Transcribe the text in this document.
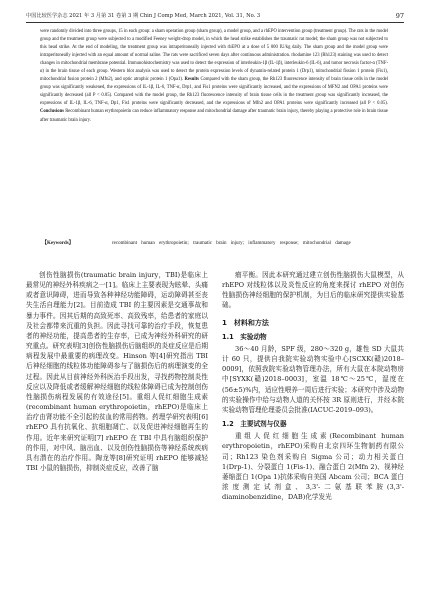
中国比较医学杂志 2021 年 3 月第 31 卷第 3 期 Chin J Comp Med, March 2021, Vol. 31, No. 3	97
were randomly divided into three groups, 15 in each group: a sham operation group (sham group), a model group, and a rhEPO intervention group (treatment group). The rats in the model group and the treatment group were subjected to a modified Feeney weight-drop model, in which the head strike establishes the traumatic rat model; the sham group was not subjected to this head strike. At the end of modeling, the treatment group was intraperitoneally injected with rhEPO at a dose of 5 000 IU/kg daily. The sham group and the model group were intraperitoneally injected with an equal amount of normal saline. The rats were sacrificed seven days after continuous administration. rhodamine 123 (Rh123) staining was used to detect changes in mitochondrial membrane potential. Immunohistochemistry was used to detect the expression of interleukin-1β (IL-1β), interleukin-6 (IL-6), and tumor necrosis factor-α (TNF-α) in the brain tissue of each group. Western blot analysis was used to detect the protein expression levels of dynamin-related protein 1 (Drp1), mitochondrial fission 1 protein (Fis1), mitochondrial fusion protein 2 (Mfn2), and optic atrophic protein 1 (Opa1). Results Compared with the sham group, the Rh123 fluorescence intensity of brain tissue cells in the model group was significantly weakened, the expressions of IL-1β, IL-6, TNF-α, Drp1, and Fis1 proteins were significantly increased, and the expressions of MFN2 and OPA1 proteins were significantly decreased (all P < 0.05). Compared with the model group, the Rh123 fluorescence intensity of brain tissue cells in the treatment group was significantly increased, the expressions of IL-1β, IL-6, TNF-α, Dp1, Fis1 proteins were significantly decreased, and the expressions of Mfn2 and OPA1 proteins were significantly increased (all P < 0.05). Conclusions Recombinant human erythropoietin can reduce inflammatory response and mitochondrial damage after traumatic brain injury, thereby playing a protective role in brain tissue after traumatic brain injury.
【Keywords】	recombinant human erythropoietin; traumatic brain injury; inflammatory response; mitochondrial damage

创伤性脑损伤(traumatic brain injury，TBI)是临床上最常见的神经外科疾病之一[1]。临床上主要表现为眩晕、头痛或者意识障碍，进而导致各种神经功能障碍，运动障碍甚至丧失生活自理能力[2]。目前造成 TBI 的主要因素是交通事故和暴力事件。因其后期的高致死率、高致残率，给患者的家庭以及社会都带来沉重的负担。因此寻找可靠的治疗手段，恢复患者的神经功能，提高患者的生存率，已成为神经外科研究的研究重点。研究表明[3]创伤性脑损伤后脑组织的炎症反应是后期病程发展中最重要的病理改变。Hinson 等[4]研究指出 TBI 后神经细胞的线粒体功能障碍参与了脑损伤后的病理演变的全过程。因此从目前神经外科医治手段出发，寻找药物控制炎性反应以及降低或者缓解神经细胞的线粒体障碍已成为控制创伤性脑损伤病程发展的有效途径[5]。重组人促红细胞生成素(recombinant human erythropoietin，rhEPO)是临床上治疗由肾功能不全引起的贫血的常用药物。药理学研究表明[6] rhEPO 具有抗氧化、抗细胞凋亡、以及促进神经细胞再生的作用。近年来研究证明[7] rhEPO 在 TBI 中具有脑组织保护的作用，对中风、脑出血、以及创伤性脑损伤等神经系统疾病具有潜在的治疗作用。陶龙等[8]研究证明 rhEPO 能够减轻 TBI 小鼠的脑损伤，抑制炎症反应，改善了脑

瘤平衡。因此本研究通过建立创伤性脑损伤大鼠模型，从 rhEPO 对线粒体以及炎性反应的角度来探讨 rhEPO 对创伤性脑损伤神经细胞的保护机制，为目后的临床研究提供实验基础。

1　材料和方法

1.1　实验动物

36～40 月龄，SPF 级，280～320 g，雄性 SD 大鼠共计 60 只，提供自我院实验动物实验中心[SCXK(赣)2018–0009]，依照我院实验动物管理办法，所有大鼠在本院动物房中[SYXK(赣)2018–0003]，室温 18℃～25℃，湿度在(56±5)%内，适应性喂养一周后进行实验；本研究中涉及动物的实验操作中给与动物人道的关怀按 3R 原则进行，并经本院实验动物管理伦理委员会批准(IACUC-2019–093)。

1.2　主要试剂与仪器

重组人促红细胞生成素(Recombinant human erythropoietin，rhEPO)采购自北京四环生物制药有限公司；Rh123 染色剂采购自 Sigma 公司；动力相关蛋白 1(Drp-1)、分裂蛋白 1(Fis-1)、融合蛋白 2(Mfn 2)、视神经萎缩蛋白 1(Opa 1)抗体采购自美国 Abcam 公司；BCA 蛋白浓度测定试剂盒、3,3'-二氨基联苯胺(3,3'-diaminobenzidine，DAB)化学发光
